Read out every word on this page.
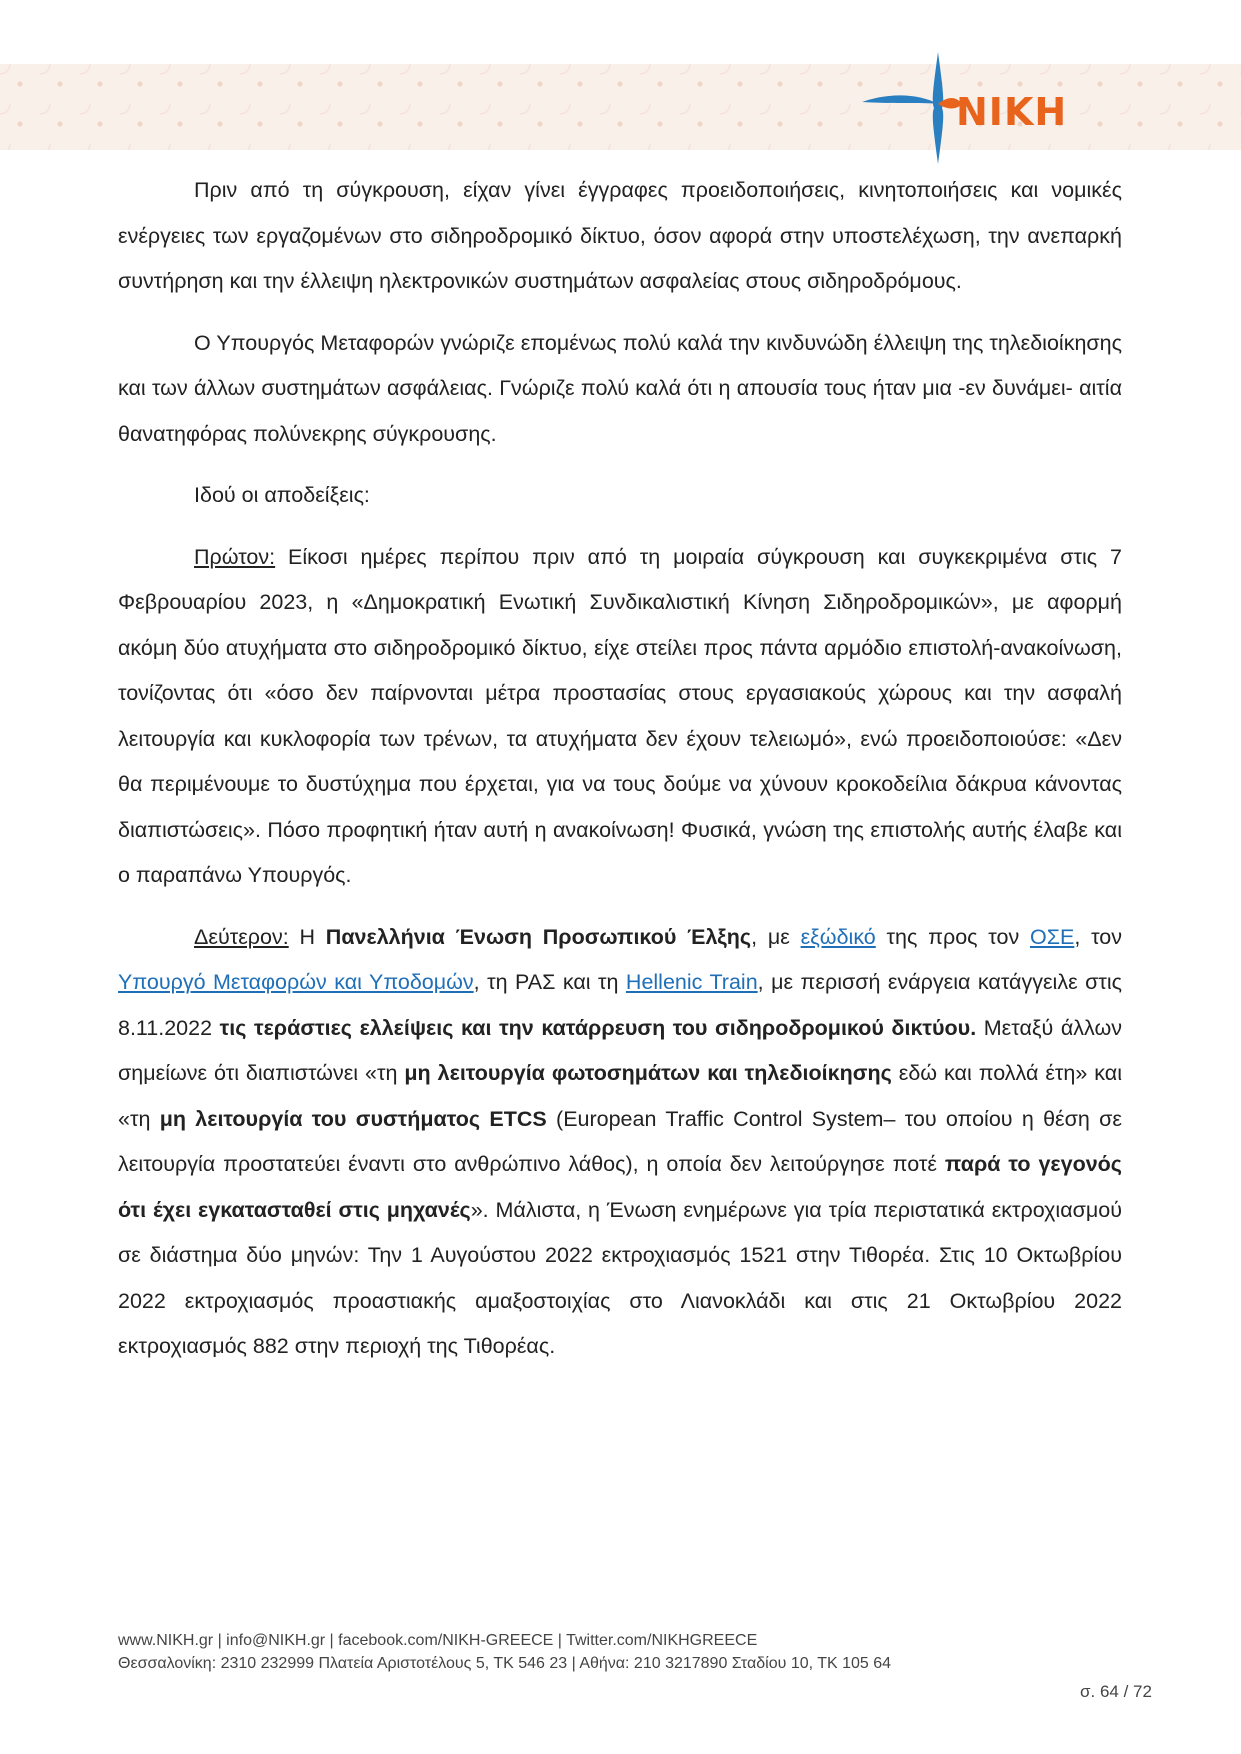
NIKH

Πριν από τη σύγκρουση, είχαν γίνει έγγραφες προειδοποιήσεις, κινητοποιήσεις και νομικές ενέργειες των εργαζομένων στο σιδηροδρομικό δίκτυο, όσον αφορά στην υποστελέχωση, την ανεπαρκή συντήρηση και την έλλειψη ηλεκτρονικών συστημάτων ασφαλείας στους σιδηροδρόμους.

Ο Υπουργός Μεταφορών γνώριζε επομένως πολύ καλά την κινδυνώδη έλλειψη της τηλεδιοίκησης και των άλλων συστημάτων ασφάλειας. Γνώριζε πολύ καλά ότι η απουσία τους ήταν μια -εν δυνάμει- αιτία θανατηφόρας πολύνεκρης σύγκρουσης.

Ιδού οι αποδείξεις:

Πρώτον: Είκοσι ημέρες περίπου πριν από τη μοιραία σύγκρουση και συγκεκριμένα στις 7 Φεβρουαρίου 2023, η «Δημοκρατική Ενωτική Συνδικαλιστική Κίνηση Σιδηροδρομικών», με αφορμή ακόμη δύο ατυχήματα στο σιδηροδρομικό δίκτυο, είχε στείλει προς πάντα αρμόδιο επιστολή-ανακοίνωση, τονίζοντας ότι «όσο δεν παίρνονται μέτρα προστασίας στους εργασιακούς χώρους και την ασφαλή λειτουργία και κυκλοφορία των τρένων, τα ατυχήματα δεν έχουν τελειωμό», ενώ προειδοποιούσε: «Δεν θα περιμένουμε το δυστύχημα που έρχεται, για να τους δούμε να χύνουν κροκοδείλια δάκρυα κάνοντας διαπιστώσεις». Πόσο προφητική ήταν αυτή η ανακοίνωση! Φυσικά, γνώση της επιστολής αυτής έλαβε και ο παραπάνω Υπουργός.

Δεύτερον: Η Πανελλήνια Ένωση Προσωπικού Έλξης, με εξώδικό της προς τον ΟΣΕ, τον Υπουργό Μεταφορών και Υποδομών, τη ΡΑΣ και τη Hellenic Train, με περισσή ενάργεια κατάγγειλε στις 8.11.2022 τις τεράστιες ελλείψεις και την κατάρρευση του σιδηροδρομικού δικτύου. Μεταξύ άλλων σημείωνε ότι διαπιστώνει «τη μη λειτουργία φωτοσημάτων και τηλεδιοίκησης εδώ και πολλά έτη» και «τη μη λειτουργία του συστήματος ETCS (European Traffic Control System– του οποίου η θέση σε λειτουργία προστατεύει έναντι στο ανθρώπινο λάθος), η οποία δεν λειτούργησε ποτέ παρά το γεγονός ότι έχει εγκατασταθεί στις μηχανές». Μάλιστα, η Ένωση ενημέρωνε για τρία περιστατικά εκτροχιασμού σε διάστημα δύο μηνών: Την 1 Αυγούστου 2022 εκτροχιασμός 1521 στην Τιθορέα. Στις 10 Οκτωβρίου 2022 εκτροχιασμός προαστιακής αμαξοστοιχίας στο Λιανοκλάδι και στις 21 Οκτωβρίου 2022 εκτροχιασμός 882 στην περιοχή της Τιθορέας.

www.NIKH.gr | info@NIKH.gr | facebook.com/NIKH-GREECE | Twitter.com/NIKHGREECE
Θεσσαλονίκη: 2310 232999 Πλατεία Αριστοτέλους 5, ΤΚ 546 23 | Αθήνα: 210 3217890 Σταδίου 10, ΤΚ 105 64
σ. 64 / 72
